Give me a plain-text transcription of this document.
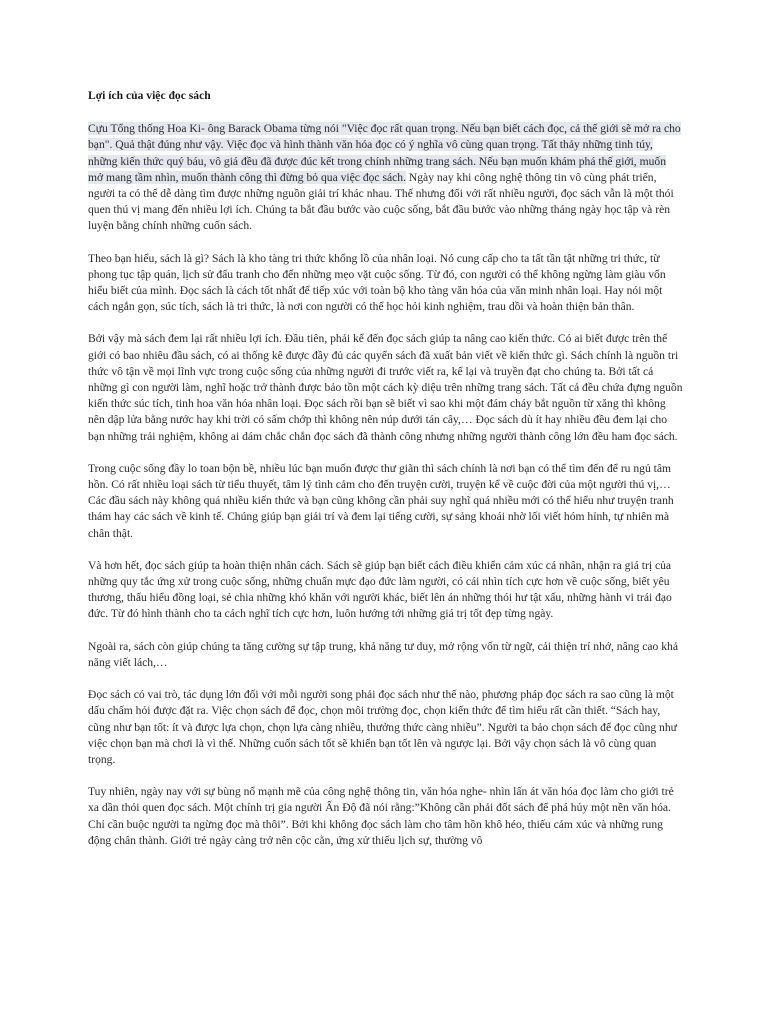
Lợi ích của việc đọc sách
Cựu Tổng thống Hoa Ki- ông Barack Obama từng nói "Việc đọc rất quan trọng. Nếu bạn biết cách đọc, cả thế giới sẽ mở ra cho bạn". Quả thật đúng như vậy. Việc đọc và hình thành văn hóa đọc có ý nghĩa vô cùng quan trọng. Tất thảy những tinh túy, những kiến thức quý báu, vô giá đều đã được đúc kết trong chính những trang sách. Nếu bạn muốn khám phá thế giới, muốn mở mang tầm nhìn, muốn thành công thì đừng bỏ qua việc đọc sách. Ngày nay khi công nghệ thông tin vô cùng phát triển, người ta có thể dễ dàng tìm được những nguồn giải trí khác nhau. Thế nhưng đối với rất nhiều người, đọc sách vẫn là một thói quen thú vị mang đến nhiều lợi ích. Chúng ta bắt đầu bước vào cuộc sống, bắt đầu bước vào những tháng ngày học tập và rèn luyện bằng chính những cuốn sách.
Theo bạn hiểu, sách là gì? Sách là kho tàng tri thức khổng lồ của nhân loại. Nó cung cấp cho ta tất tần tật những tri thức, từ phong tục tập quán, lịch sử đấu tranh cho đến những mẹo vặt cuộc sống. Từ đó, con người có thể không ngừng làm giàu vốn hiểu biết của mình. Đọc sách là cách tốt nhất để tiếp xúc với toàn bộ kho tàng văn hóa của văn minh nhân loại. Hay nói một cách ngắn gọn, súc tích, sách là tri thức, là nơi con người có thể học hỏi kinh nghiệm, trau dồi và hoàn thiện bản thân.
Bởi vậy mà sách đem lại rất nhiều lợi ích. Đầu tiên, phải kể đến đọc sách giúp ta nâng cao kiến thức. Có ai biết được trên thế giới có bao nhiêu đầu sách, có ai thống kê được đầy đủ các quyển sách đã xuất bản viết về kiến thức gì. Sách chính là nguồn tri thức vô tận về mọi lĩnh vực trong cuộc sống của những người đi trước viết ra, kể lại và truyền đạt cho chúng ta. Bởi tất cả những gì con người làm, nghĩ hoặc trở thành được bảo tồn một cách kỳ diệu trên những trang sách. Tất cả đều chứa đựng nguồn kiến thức súc tích, tinh hoa văn hóa nhân loại. Đọc sách rồi bạn sẽ biết vì sao khi một đám cháy bắt nguồn từ xăng thì không nên dập lửa bằng nước hay khi trời có sấm chớp thì không nên núp dưới tán cây,… Đọc sách dù ít hay nhiều đều đem lại cho bạn những trải nghiệm, không ai dám chắc chắn đọc sách đã thành công nhưng những người thành công lớn đều ham đọc sách.
Trong cuộc sống đầy lo toan bộn bề, nhiều lúc bạn muốn được thư giãn thì sách chính là nơi bạn có thể tìm đến để ru ngủ tâm hồn. Có rất nhiều loại sách từ tiểu thuyết, tâm lý tình cảm cho đến truyện cười, truyện kể về cuộc đời của một người thú vị,…Các đầu sách này không quá nhiều kiến thức và bạn cũng không cần phải suy nghĩ quá nhiều mới có thể hiểu như truyện tranh thám hay các sách về kinh tế. Chúng giúp bạn giải trí và đem lại tiếng cười, sự sảng khoái nhờ lối viết hóm hỉnh, tự nhiên mà chân thật.
Và hơn hết, đọc sách giúp ta hoàn thiện nhân cách. Sách sẽ giúp bạn biết cách điều khiển cảm xúc cá nhân, nhận ra giá trị của những quy tắc ứng xử trong cuộc sống, những chuẩn mực đạo đức làm người, có cái nhìn tích cực hơn về cuộc sống, biết yêu thương, thấu hiểu đồng loại, sẻ chia những khó khăn với người khác, biết lên án những thói hư tật xấu, những hành vi trái đạo đức. Từ đó hình thành cho ta cách nghĩ tích cực hơn, luôn hướng tới những giá trị tốt đẹp từng ngày.
Ngoài ra, sách còn giúp chúng ta tăng cường sự tập trung, khả năng tư duy, mở rộng vốn từ ngữ, cải thiện trí nhớ, nâng cao khả năng viết lách,…
Đọc sách có vai trò, tác dụng lớn đối với mỗi người song phải đọc sách như thế nào, phương pháp đọc sách ra sao cũng là một dấu chấm hỏi được đặt ra. Việc chọn sách để đọc, chọn môi trường đọc, chọn kiến thức để tìm hiểu rất cần thiết. “Sách hay, cũng như bạn tốt: ít và được lựa chọn, chọn lựa càng nhiều, thưởng thức càng nhiều”. Người ta bảo chọn sách để đọc cũng như việc chọn bạn mà chơi là vì thế. Những cuốn sách tốt sẽ khiến bạn tốt lên và ngược lại. Bởi vậy chọn sách là vô cùng quan trọng.
Tuy nhiên, ngày nay với sự bùng nổ mạnh mẽ của công nghệ thông tin, văn hóa nghe- nhìn lấn át văn hóa đọc làm cho giới trẻ xa dần thói quen đọc sách. Một chính trị gia người Ấn Độ đã nói rằng:”Không cần phải đốt sách để phá hủy một nền văn hóa. Chỉ cần buộc người ta ngừng đọc mà thôi”. Bởi khi không đọc sách làm cho tâm hồn khô héo, thiếu cảm xúc và những rung động chân thành. Giới trẻ ngày càng trở nên cộc cằn, ứng xử thiếu lịch sự, thường vô
